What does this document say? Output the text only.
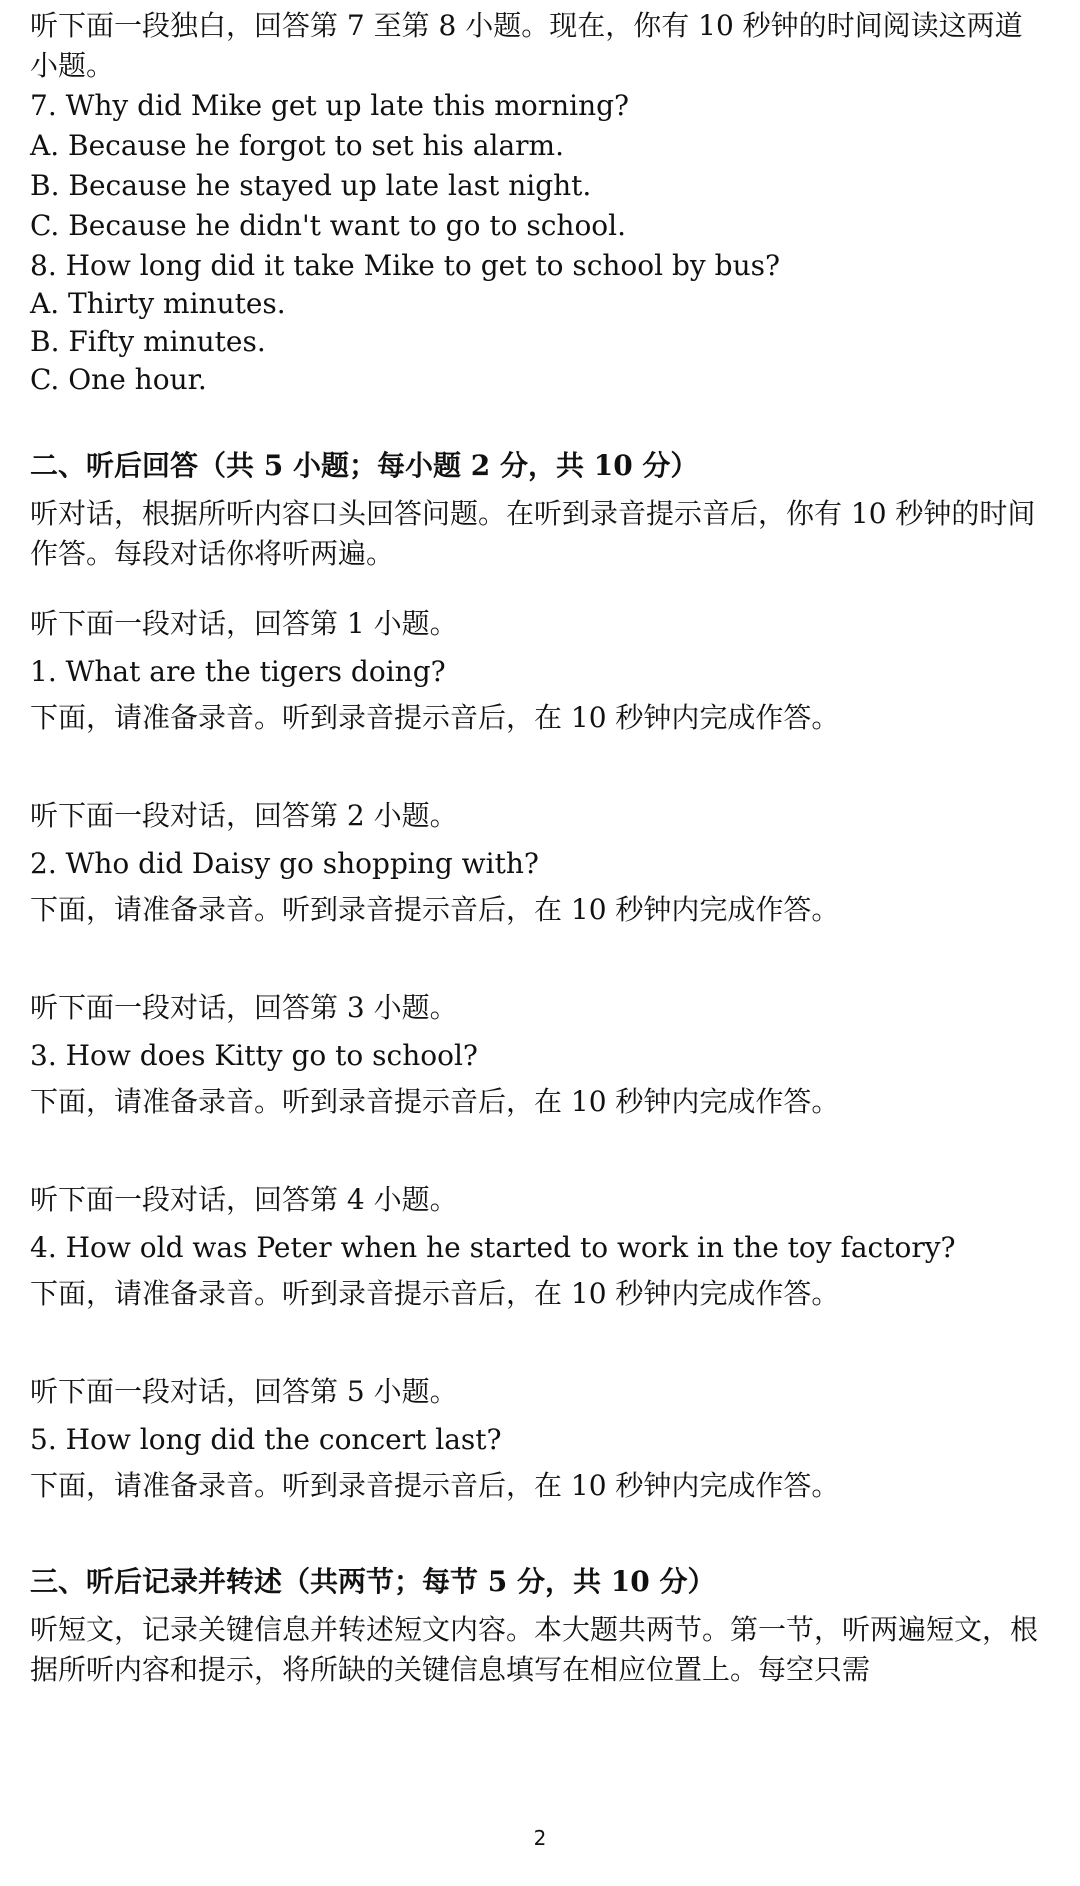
听下面一段独白，回答第 7 至第 8 小题。现在，你有 10 秒钟的时间阅读这两道小题。
7. Why did Mike get up late this morning?
A. Because he forgot to set his alarm.
B. Because he stayed up late last night.
C. Because he didn't want to go to school.
8. How long did it take Mike to get to school by bus?
A. Thirty minutes.
B. Fifty minutes.
C. One hour.
二、听后回答（共 5 小题；每小题 2 分，共 10 分）
听对话，根据所听内容口头回答问题。在听到录音提示音后，你有 10 秒钟的时间作答。每段对话你将听两遍。
听下面一段对话，回答第 1 小题。
1. What are the tigers doing?
下面，请准备录音。听到录音提示音后，在 10 秒钟内完成作答。
听下面一段对话，回答第 2 小题。
2. Who did Daisy go shopping with?
下面，请准备录音。听到录音提示音后，在 10 秒钟内完成作答。
听下面一段对话，回答第 3 小题。
3. How does Kitty go to school?
下面，请准备录音。听到录音提示音后，在 10 秒钟内完成作答。
听下面一段对话，回答第 4 小题。
4. How old was Peter when he started to work in the toy factory?
下面，请准备录音。听到录音提示音后，在 10 秒钟内完成作答。
听下面一段对话，回答第 5 小题。
5. How long did the concert last?
下面，请准备录音。听到录音提示音后，在 10 秒钟内完成作答。
三、听后记录并转述（共两节；每节 5 分，共 10 分）
听短文，记录关键信息并转述短文内容。本大题共两节。第一节，听两遍短文，根据所听内容和提示，将所缺的关键信息填写在相应位置上。每空只需
2
